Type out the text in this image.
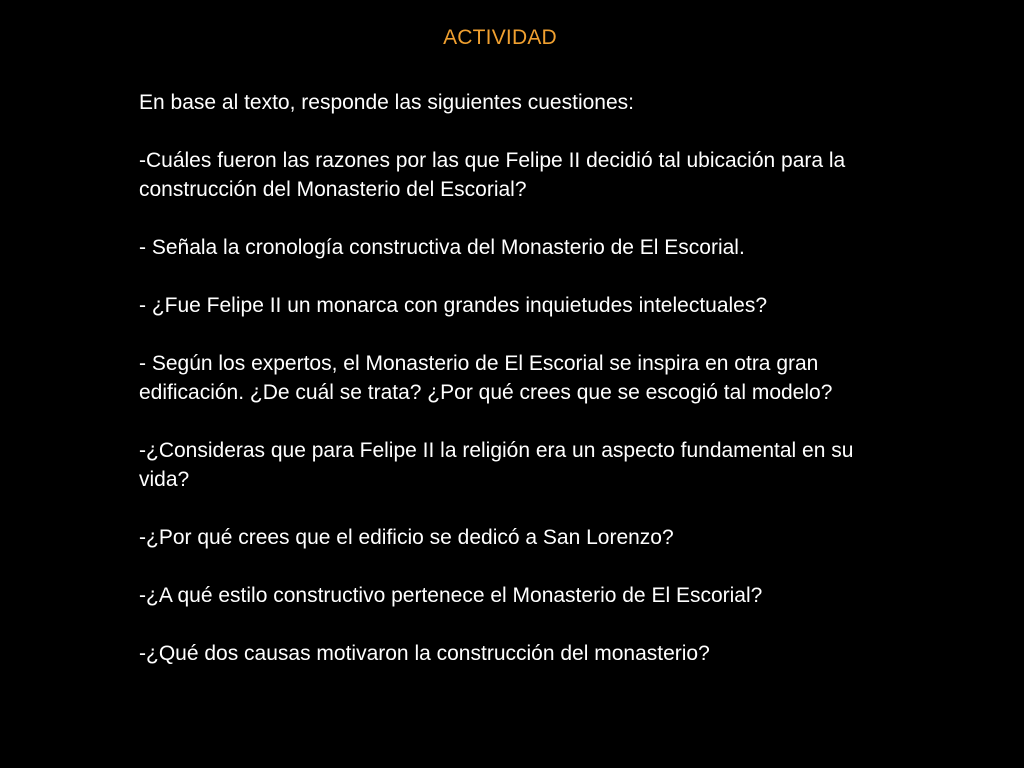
ACTIVIDAD

En base al texto, responde las siguientes cuestiones:

-Cuáles fueron las razones por las que Felipe II decidió tal ubicación para la construcción del Monasterio del Escorial?

- Señala la cronología constructiva del Monasterio de El Escorial.

- ¿Fue Felipe II un monarca con grandes inquietudes intelectuales?

- Según los expertos, el Monasterio de El Escorial se inspira en otra gran edificación. ¿De cuál se trata? ¿Por qué crees que se escogió tal modelo?

-¿Consideras que para Felipe II la religión era un aspecto fundamental en su vida?

-¿Por qué crees que el edificio se dedicó a San Lorenzo?

-¿A qué estilo constructivo pertenece el Monasterio de El Escorial?

-¿Qué dos causas motivaron la construcción del monasterio?
